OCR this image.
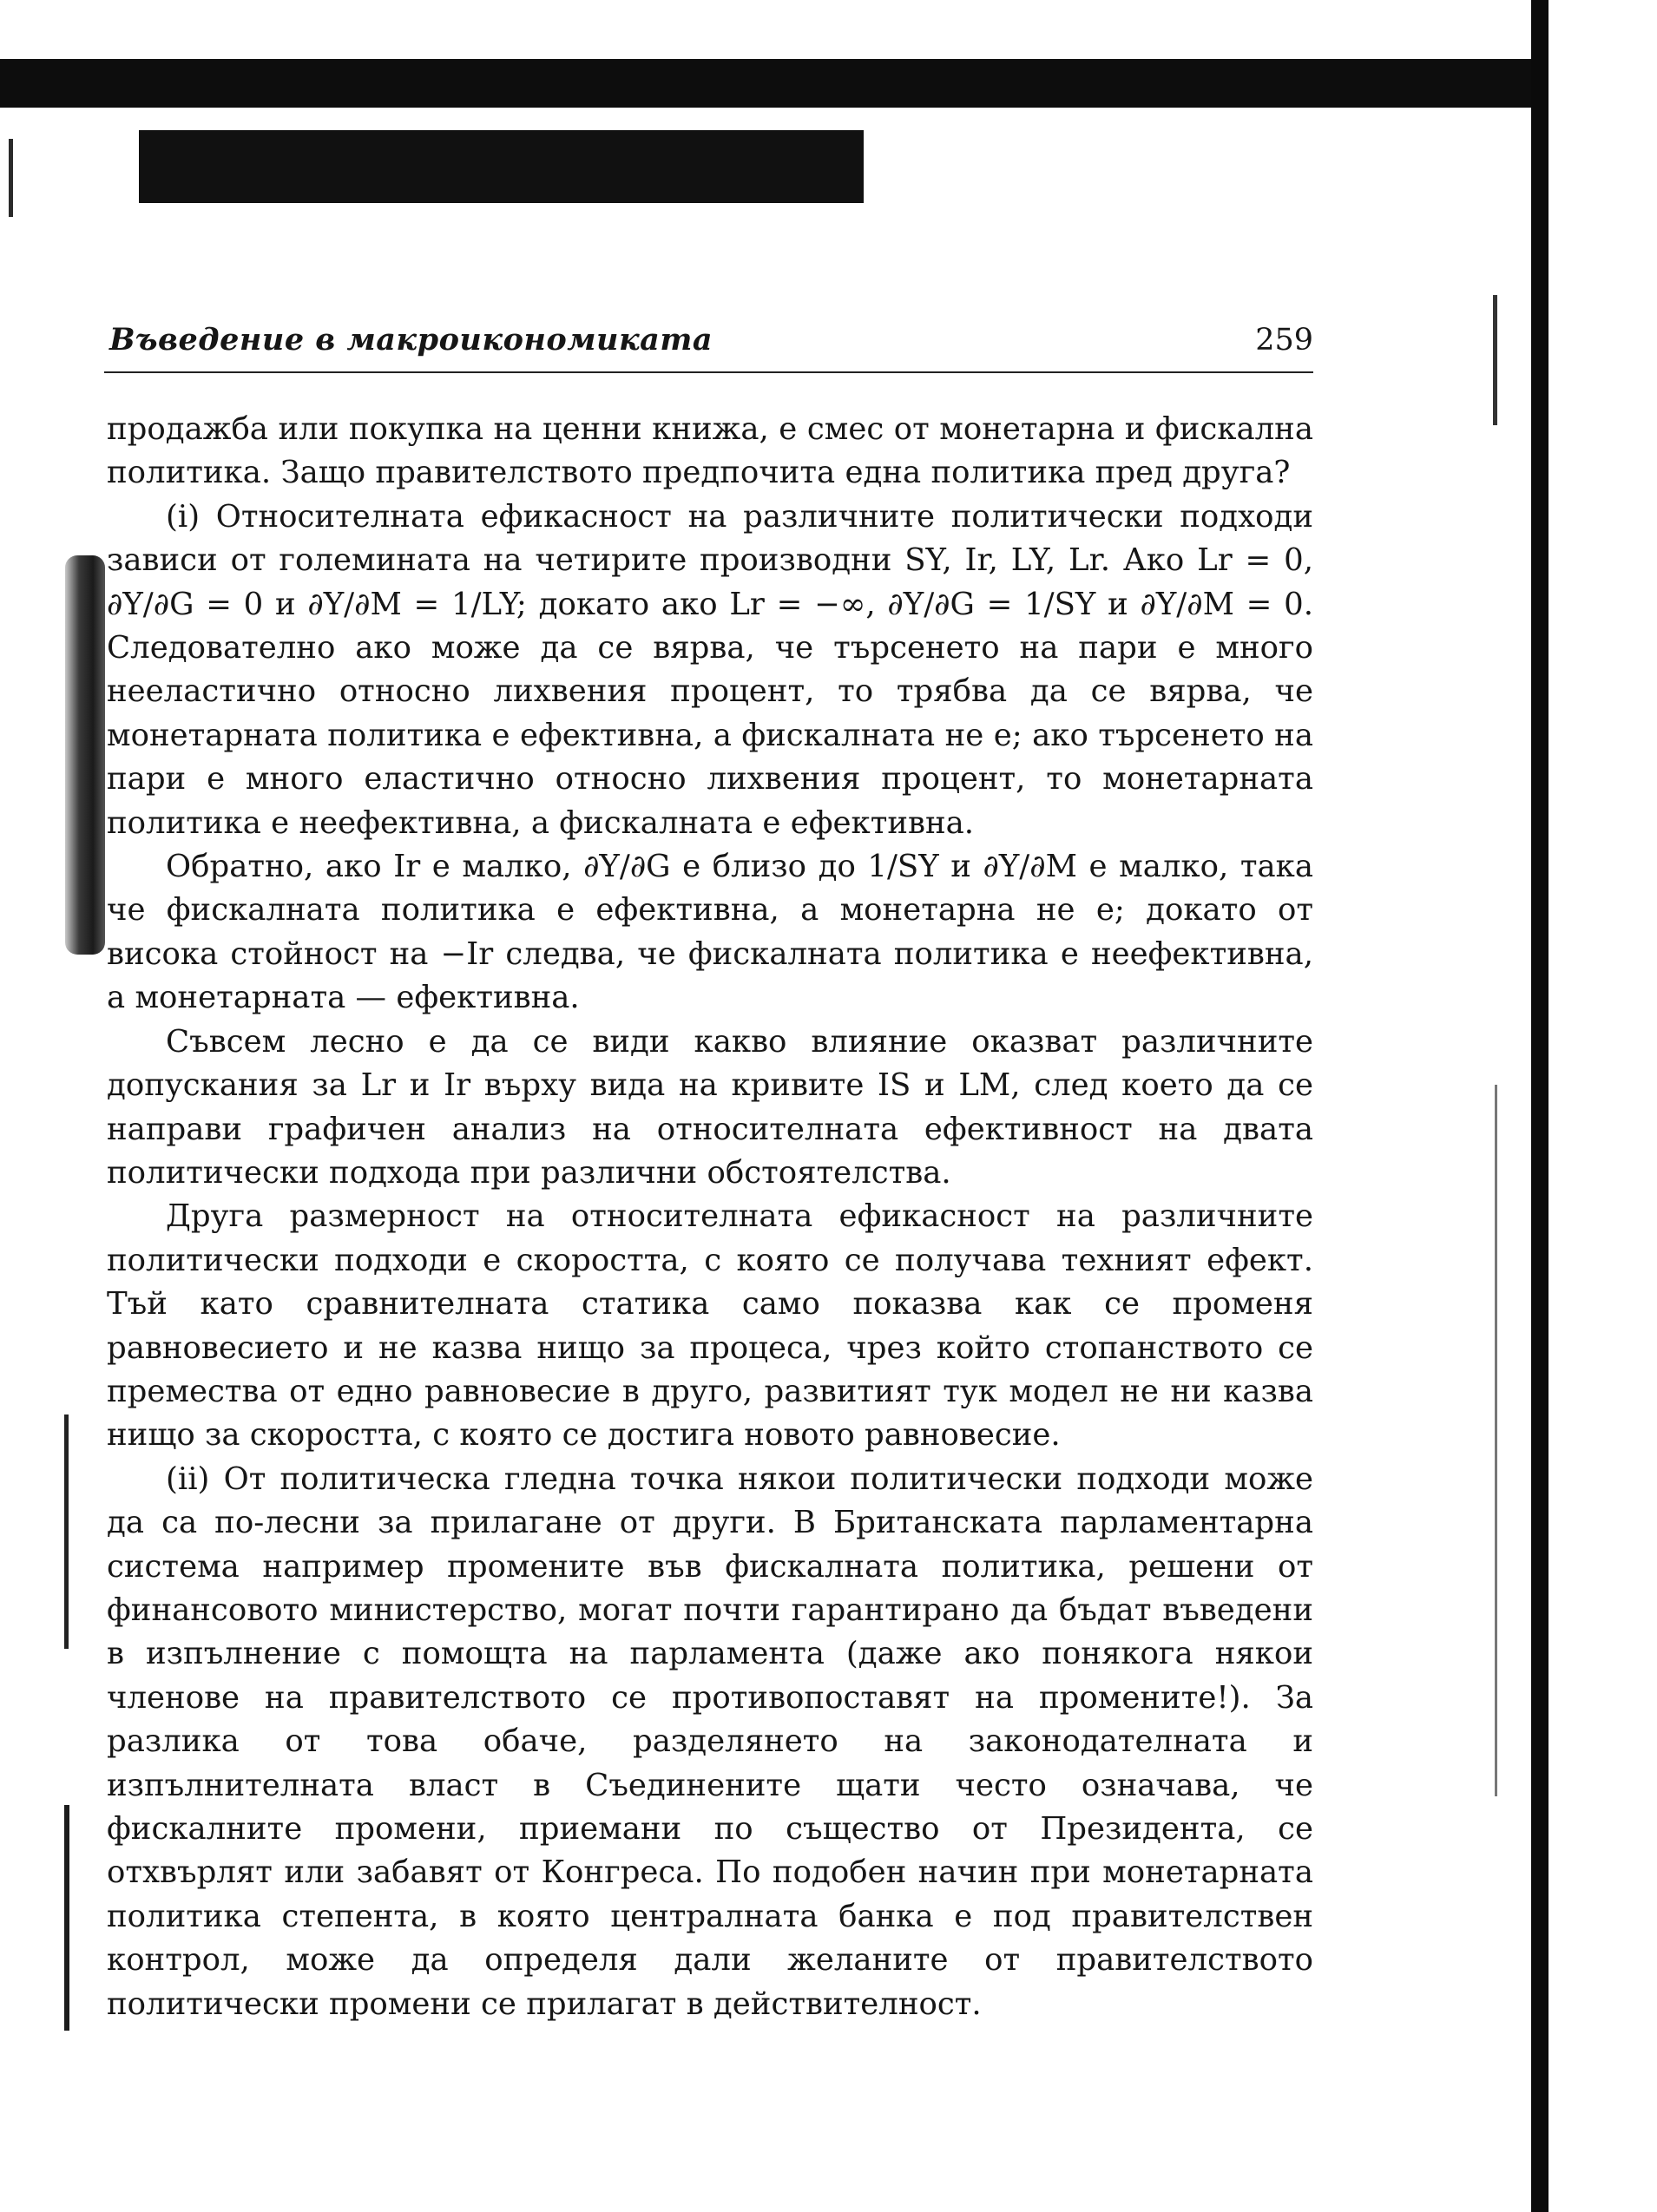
Въведение в макроикономиката	259

продажба или покупка на ценни книжа, е смес от монетарна и фискална политика. Защо правителството предпочита една политика пред друга?

(i) Относителната ефикасност на различните политически подходи зависи от големината на четирите производни SY, Ir, LY, Lr. Ако Lr = 0, ∂Y/∂G = 0 и ∂Y/∂M = 1/LY; докато ако Lr = −∞, ∂Y/∂G = 1/SY и ∂Y/∂M = 0. Следователно ако може да се вярва, че търсенето на пари е много нееластично относно лихвения процент, то трябва да се вярва, че монетарната политика е ефективна, а фискалната не е; ако търсенето на пари е много еластично относно лихвения процент, то монетарната политика е неефективна, а фискалната е ефективна.

Обратно, ако Ir е малко, ∂Y/∂G е близо до 1/SY и ∂Y/∂M е малко, така че фискалната политика е ефективна, а монетарна не е; докато от висока стойност на −Ir следва, че фискалната политика е неефективна, а монетарната — ефективна.

Съвсем лесно е да се види какво влияние оказват различните допускания за Lr и Ir върху вида на кривите IS и LM, след което да се направи графичен анализ на относителната ефективност на двата политически подхода при различни обстоятелства.

Друга размерност на относителната ефикасност на различните политически подходи е скоростта, с която се получава техният ефект. Тъй като сравнителната статика само показва как се променя равновесието и не казва нищо за процеса, чрез който стопанството се премества от едно равновесие в друго, развитият тук модел не ни казва нищо за скоростта, с която се достига новото равновесие.

(ii) От политическа гледна точка някои политически подходи може да са по-лесни за прилагане от други. В Британската парламентарна система например промените във фискалната политика, решени от финансовото министерство, могат почти гарантирано да бъдат въведени в изпълнение с помощта на парламента (даже ако понякога някои членове на правителството се противопоставят на промените!). За разлика от това обаче, разделянето на законодателната и изпълнителната власт в Съединените щати често означава, че фискалните промени, приемани по същество от Президента, се отхвърлят или забавят от Конгреса. По подобен начин при монетарната политика степента, в която централната банка е под правителствен контрол, може да определя дали желаните от правителството политически промени се прилагат в действителност.
